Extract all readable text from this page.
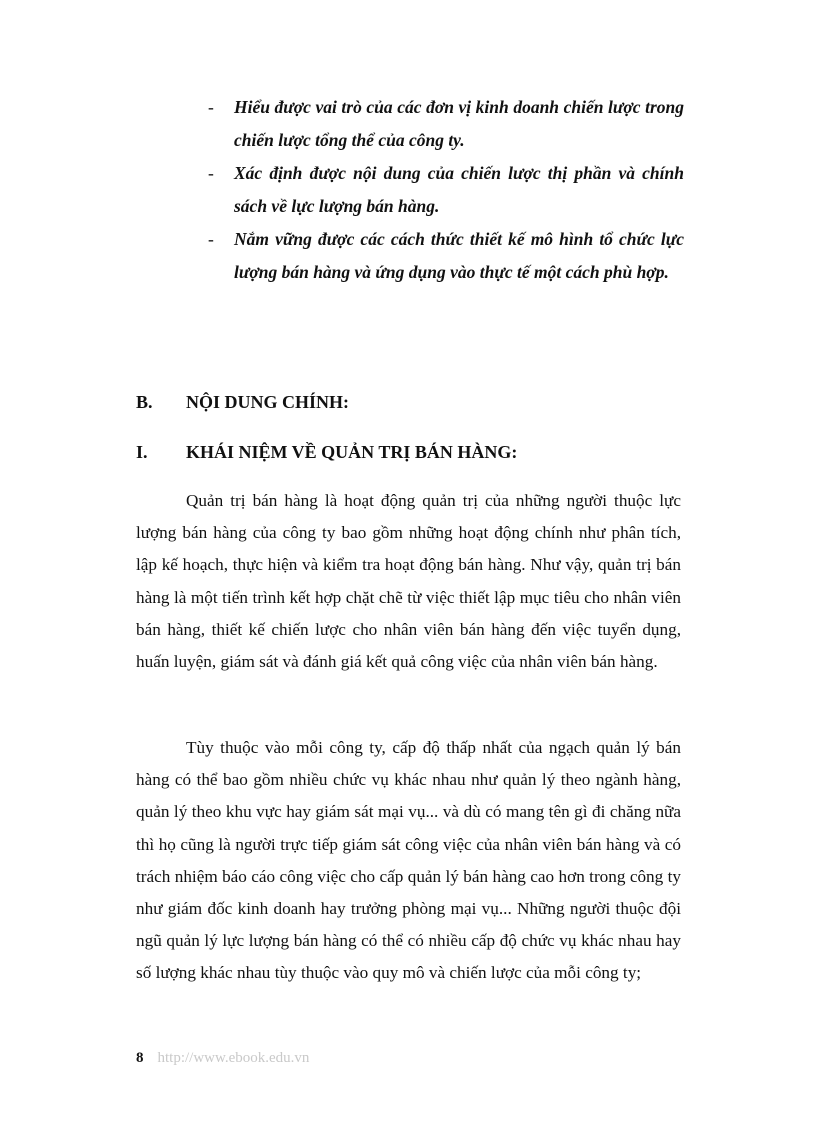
- Hiểu được vai trò của các đơn vị kinh doanh chiến lược trong chiến lược tổng thể của công ty.
- Xác định được nội dung của chiến lược thị phần và chính sách về lực lượng bán hàng.
- Nắm vững được các cách thức thiết kế mô hình tổ chức lực lượng bán hàng và ứng dụng vào thực tế một cách phù hợp.
B. NỘI DUNG CHÍNH:
I. KHÁI NIỆM VỀ QUẢN TRỊ BÁN HÀNG:

Quản trị bán hàng là hoạt động quản trị của những người thuộc lực lượng bán hàng của công ty bao gồm những hoạt động chính như phân tích, lập kế hoạch, thực hiện và kiểm tra hoạt động bán hàng. Như vậy, quản trị bán hàng là một tiến trình kết hợp chặt chẽ từ việc thiết lập mục tiêu cho nhân viên bán hàng, thiết kế chiến lược cho nhân viên bán hàng đến việc tuyển dụng, huấn luyện, giám sát và đánh giá kết quả công việc của nhân viên bán hàng.

Tùy thuộc vào mỗi công ty, cấp độ thấp nhất của ngạch quản lý bán hàng có thể bao gồm nhiều chức vụ khác nhau như quản lý theo ngành hàng, quản lý theo khu vực hay giám sát mại vụ... và dù có mang tên gì đi chăng nữa thì họ cũng là người trực tiếp giám sát công việc của nhân viên bán hàng và có trách nhiệm báo cáo công việc cho cấp quản lý bán hàng cao hơn trong công ty như giám đốc kinh doanh hay trưởng phòng mại vụ... Những người thuộc đội ngũ quản lý lực lượng bán hàng có thể có nhiều cấp độ chức vụ khác nhau hay số lượng khác nhau tùy thuộc vào quy mô và chiến lược của mỗi công ty;

8 http://www.ebook.edu.vn
